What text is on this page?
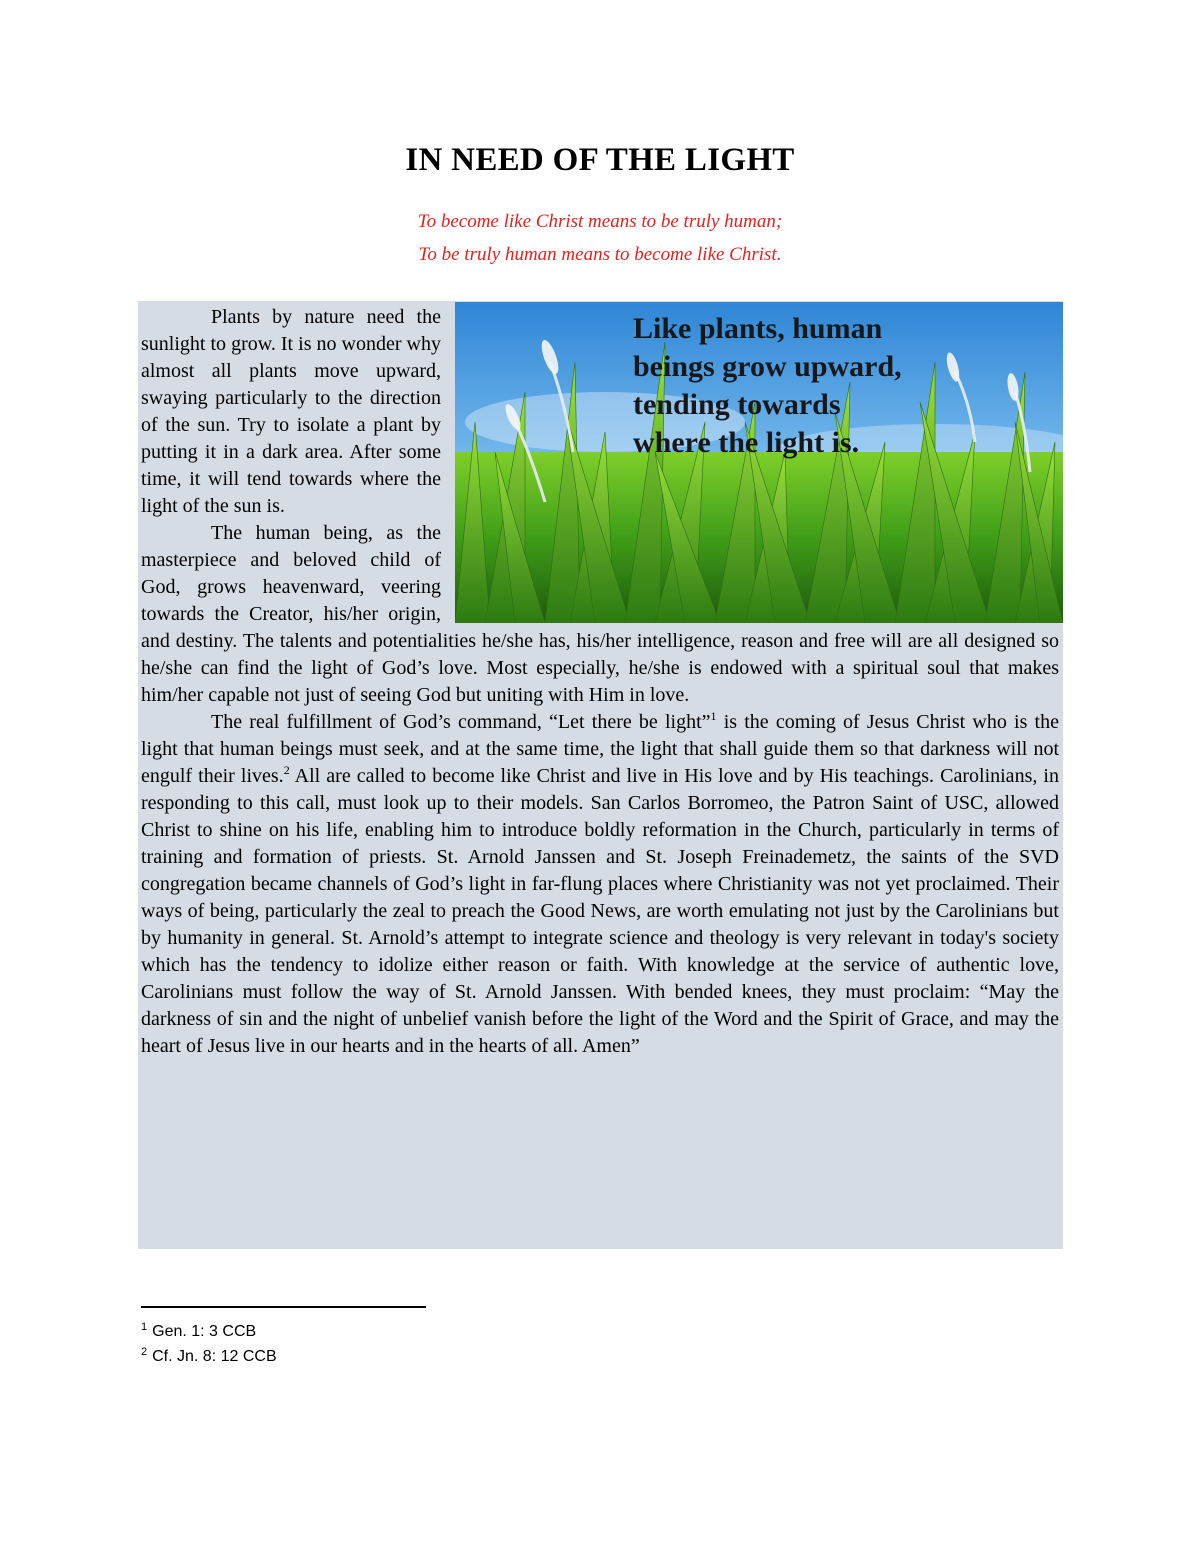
IN NEED OF THE LIGHT
To become like Christ means to be truly human;
To be truly human means to become like Christ.
Like plants, human
beings grow upward,
tending towards
where the light is.

Plants by nature need the sunlight to grow. It is no wonder why almost all plants move upward, swaying particularly to the direction of the sun. Try to isolate a plant by putting it in a dark area. After some time, it will tend towards where the light of the sun is.

The human being, as the masterpiece and beloved child of God, grows heavenward, veering towards the Creator, his/her origin, and destiny. The talents and potentialities he/she has, his/her intelligence, reason and free will are all designed so he/she can find the light of God’s love. Most especially, he/she is endowed with a spiritual soul that makes him/her capable not just of seeing God but uniting with Him in love.

The real fulfillment of God’s command, “Let there be light”$^1$ is the coming of Jesus Christ who is the light that human beings must seek, and at the same time, the light that shall guide them so that darkness will not engulf their lives.$^2$ All are called to become like Christ and live in His love and by His teachings. Carolinians, in responding to this call, must look up to their models. San Carlos Borromeo, the Patron Saint of USC, allowed Christ to shine on his life, enabling him to introduce boldly reformation in the Church, particularly in terms of training and formation of priests. St. Arnold Janssen and St. Joseph Freinademetz, the saints of the SVD congregation became channels of God’s light in far-flung places where Christianity was not yet proclaimed. Their ways of being, particularly the zeal to preach the Good News, are worth emulating not just by the Carolinians but by humanity in general. St. Arnold’s attempt to integrate science and theology is very relevant in today's society which has the tendency to idolize either reason or faith. With knowledge at the service of authentic love, Carolinians must follow the way of St. Arnold Janssen. With bended knees, they must proclaim: “May the darkness of sin and the night of unbelief vanish before the light of the Word and the Spirit of Grace, and may the heart of Jesus live in our hearts and in the hearts of all. Amen”

$^1$ Gen. 1: 3 CCB
$^2$ Cf. Jn. 8: 12 CCB
